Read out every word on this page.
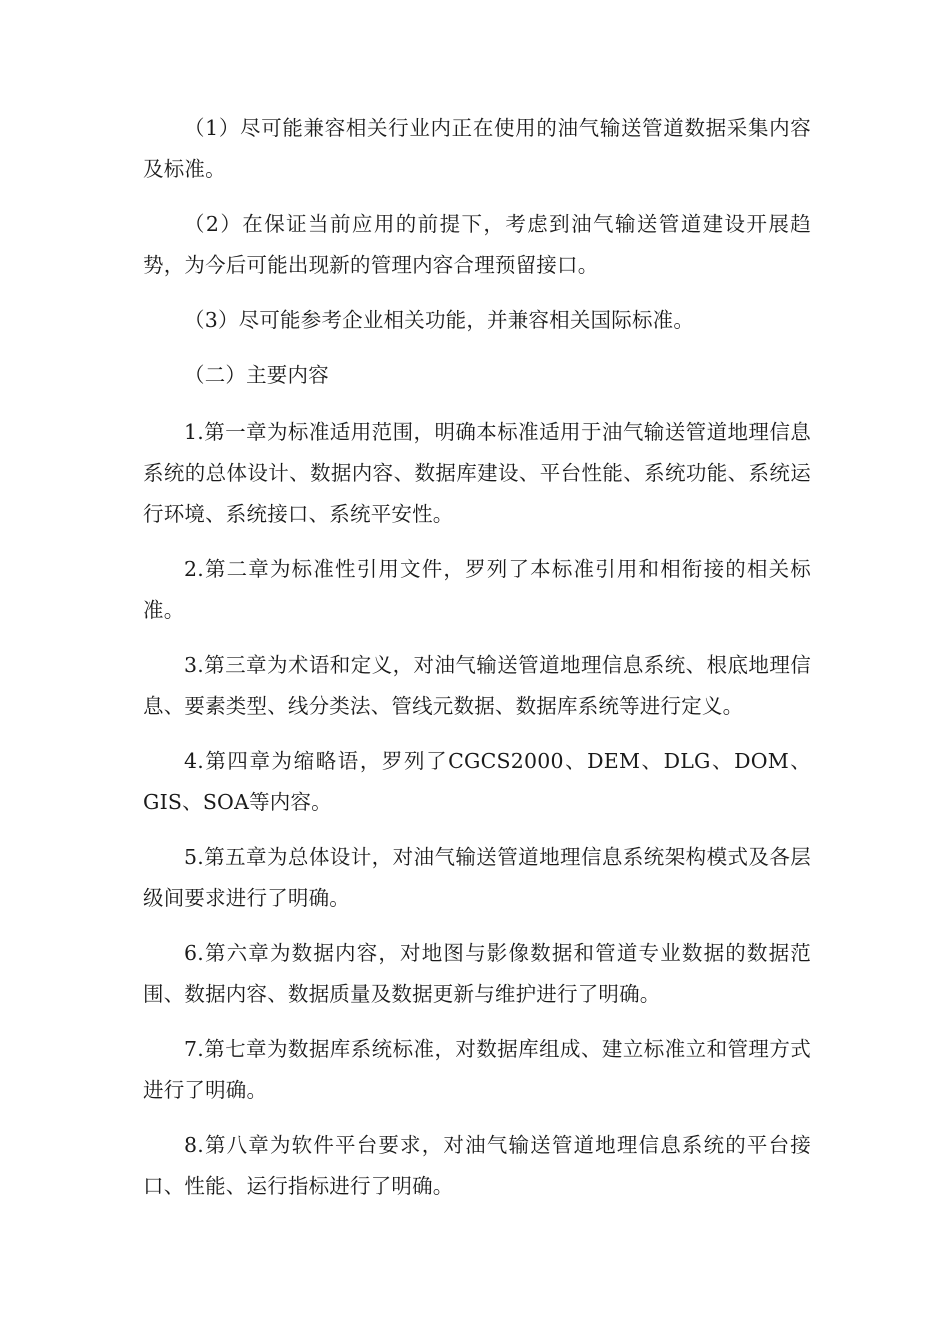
（1）尽可能兼容相关行业内正在使用的油气输送管道数据采集内容及标准。

（2）在保证当前应用的前提下，考虑到油气输送管道建设开展趋势，为今后可能出现新的管理内容合理预留接口。

（3）尽可能参考企业相关功能，并兼容相关国际标准。

（二）主要内容

1.第一章为标准适用范围，明确本标准适用于油气输送管道地理信息系统的总体设计、数据内容、数据库建设、平台性能、系统功能、系统运行环境、系统接口、系统平安性。

2.第二章为标准性引用文件，罗列了本标准引用和相衔接的相关标准。

3.第三章为术语和定义，对油气输送管道地理信息系统、根底地理信息、要素类型、线分类法、管线元数据、数据库系统等进行定义。

4.第四章为缩略语，罗列了CGCS2000、DEM、DLG、DOM、GIS、SOA等内容。

5.第五章为总体设计，对油气输送管道地理信息系统架构模式及各层级间要求进行了明确。

6.第六章为数据内容，对地图与影像数据和管道专业数据的数据范围、数据内容、数据质量及数据更新与维护进行了明确。

7.第七章为数据库系统标准，对数据库组成、建立标准立和管理方式进行了明确。

8.第八章为软件平台要求，对油气输送管道地理信息系统的平台接口、性能、运行指标进行了明确。
